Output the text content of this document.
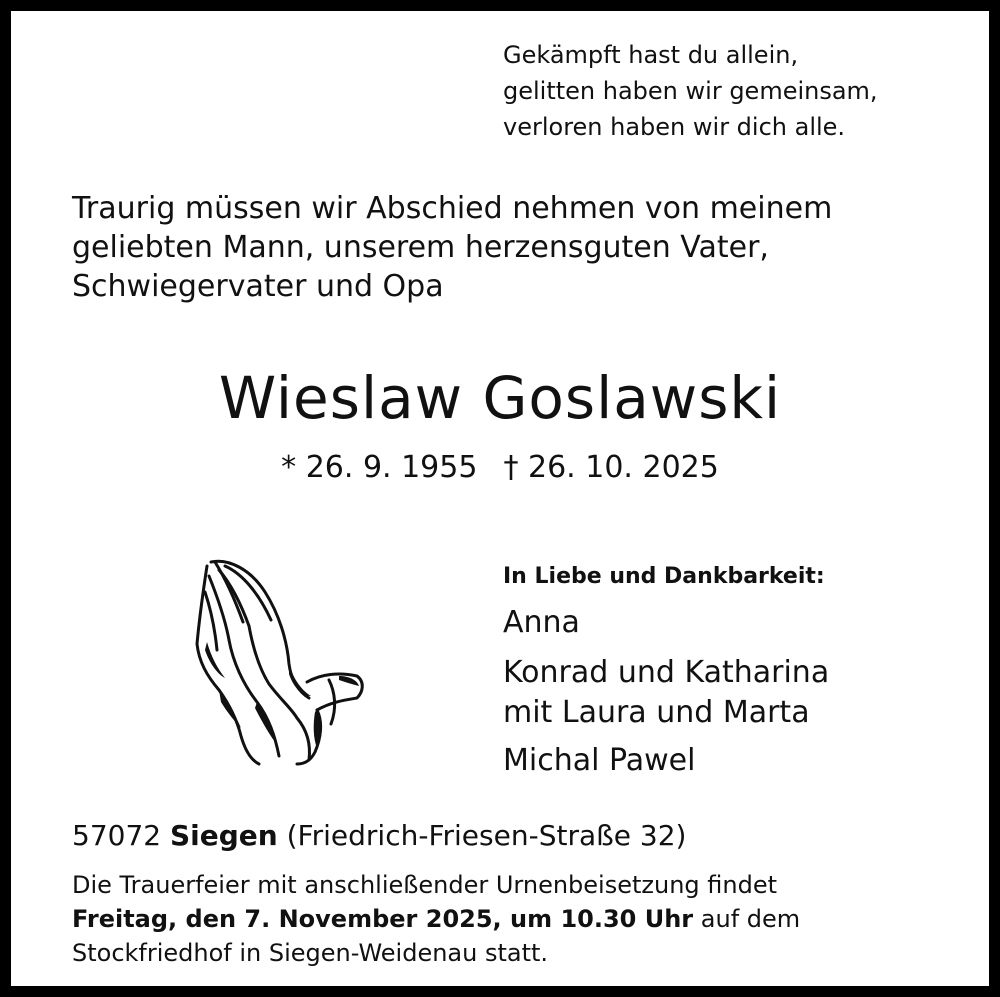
Gekämpft hast du allein,
gelitten haben wir gemeinsam,
verloren haben wir dich alle.
Traurig müssen wir Abschied nehmen von meinem
geliebten Mann, unserem herzensguten Vater,
Schwiegervater und Opa
Wieslaw Goslawski
* 26. 9. 1955 † 26. 10. 2025
In Liebe und Dankbarkeit:
Anna
Konrad und Katharina
mit Laura und Marta
Michal Pawel
57072 Siegen (Friedrich-Friesen-Straße 32)
Die Trauerfeier mit anschließender Urnenbeisetzung findet
Freitag, den 7. November 2025, um 10.30 Uhr auf dem
Stockfriedhof in Siegen-Weidenau statt.
